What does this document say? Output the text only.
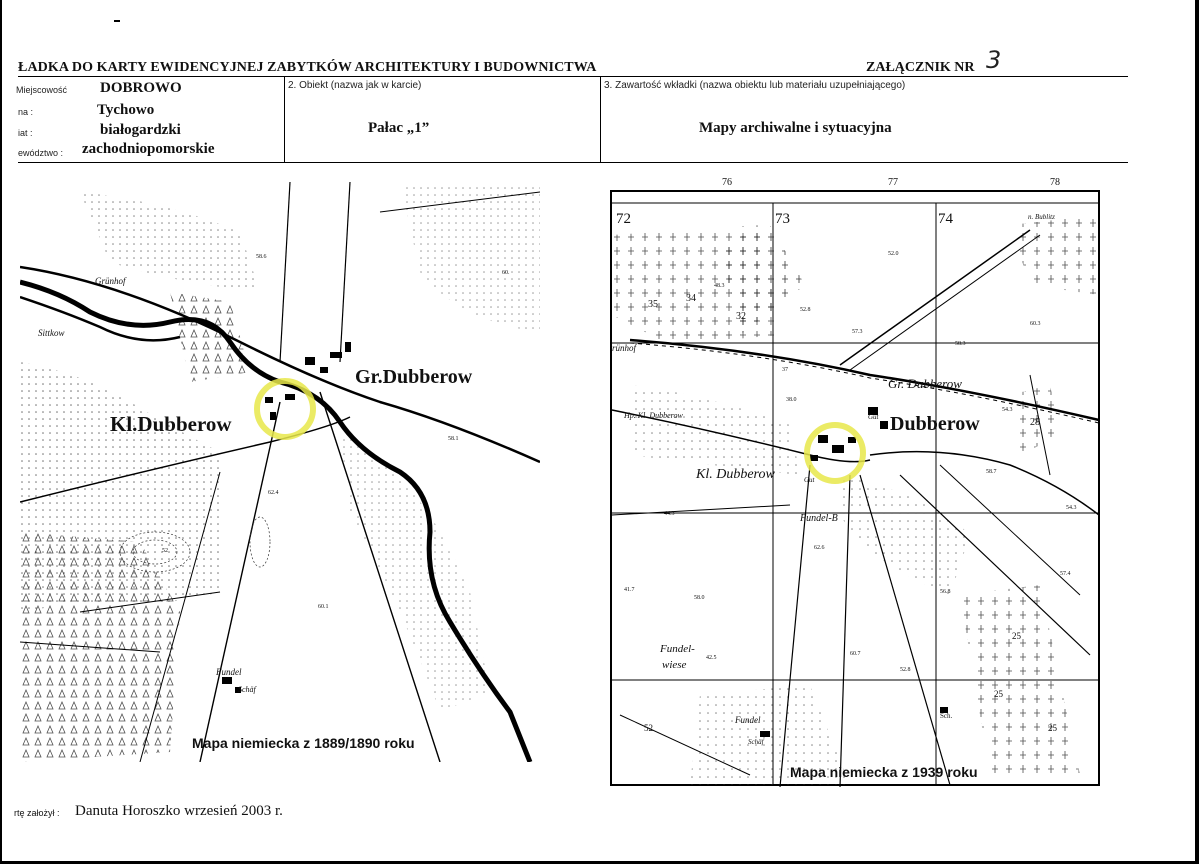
ŁADKA DO KARTY EWIDENCYJNEJ ZABYTKÓW ARCHITEKTURY I BUDOWNICTWA	ZAŁĄCZNIK NR 3
Miejscowość DOBROWO
na :	Tychowo
iat :	białogardzki
ewództwo : zachodniopomorskie
2. Obiekt (nazwa jak w karcie)
Pałac „1”
3. Zawartość wkładki (nazwa obiektu lub materiału uzupełniającego)
Mapy archiwalne i sytuacyjna
Gr.Dubberow
Kl.Dubberow
Grünhof
Sittkow
Fundel
Schäf
58.6
60.
58.1
62.4
52
60.1
Mapa niemiecka z 1889/1890 roku
76	77	78
72	73	74
Gr. Dubberow
Dubberow
Kl. Dubberow
Hp. Kl. Dubberow
rünhof
Gut
Gut
Fundel-B
Fundel-
wiese
Fundel
Schäf
n. Bublitz
Sch.
35
34
32
28
25
25
25
52
52.0
60.3
58.3
57.3
48.3
52.8
38.0
54.3
58.7
44.3
62.6
58.0
57.4
56.8
60.7
42.5
52.8
41.7
54.3
37
Mapa niemiecka z 1939 roku
rtę założył : Danuta Horoszko wrzesień 2003 r.
